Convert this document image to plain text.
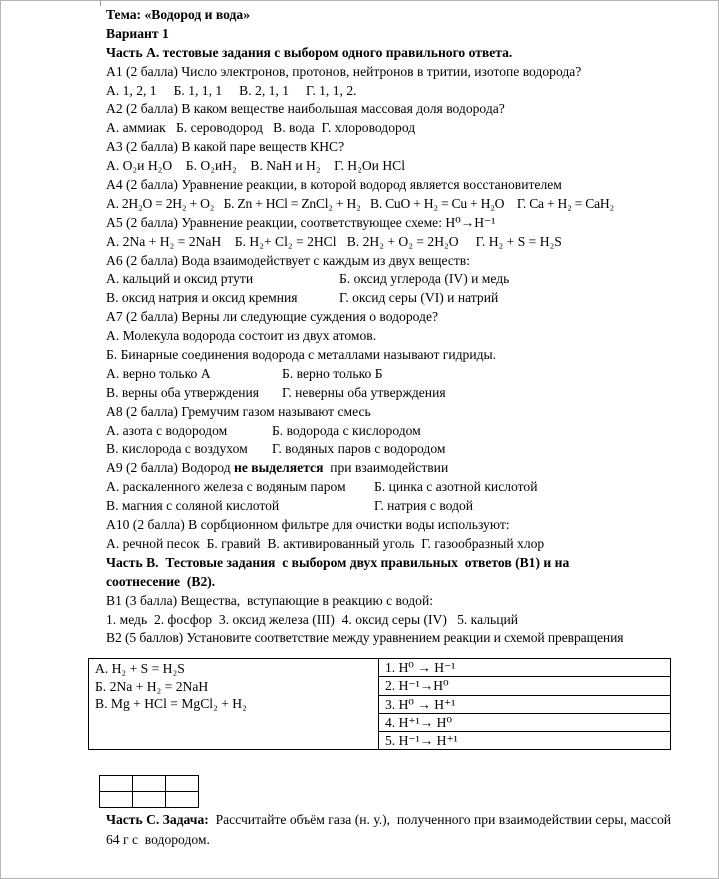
Тема: «Водород и вода»
Вариант 1
Часть А. тестовые задания с выбором одного правильного ответа.
А1 (2 балла) Число электронов, протонов, нейтронов в тритии, изотопе водорода?
А. 1, 2, 1     Б. 1, 1, 1     В. 2, 1, 1     Г. 1, 1, 2.
А2 (2 балла) В каком веществе наибольшая массовая доля водорода?
А. аммиак   Б. сероводород   В. вода  Г. хлороводород
А3 (2 балла) В какой паре веществ КНС?
А. O₂и H₂O    Б. O₂иH₂    В. NaH и H₂    Г. H₂Oи HCl
А4 (2 балла) Уравнение реакции, в которой водород является восстановителем
А. 2H₂O = 2H₂ + O₂   Б. Zn + HCl = ZnCl₂ + H₂   В. CuO + H₂ = Cu + H₂O    Г. Ca + H₂ = CaH₂
А5 (2 балла) Уравнение реакции, соответствующее схеме: H⁰→H⁻¹
А. 2Na + H₂ = 2NaH    Б. H₂+ Cl₂ = 2HCl   В. 2H₂ + O₂ = 2H₂O     Г. H₂ + S = H₂S
А6 (2 балла) Вода взаимодействует с каждым из двух веществ:
А. кальций и оксид ртути	Б. оксид углерода (IV) и медь
В. оксид натрия и оксид кремния	Г. оксид серы (VI) и натрий
А7 (2 балла) Верны ли следующие суждения о водороде?
А. Молекула водорода состоит из двух атомов.
Б. Бинарные соединения водорода с металлами называют гидриды.
А. верно только А	Б. верно только Б
В. верны оба утверждения Г. неверны оба утверждения
А8 (2 балла) Гремучим газом называют смесь
А. азота с водородом	Б. водорода с кислородом
В. кислорода с воздухом Г. водяных паров с водородом
А9 (2 балла) Водород не выделяется  при взаимодействии
А. раскаленного железа с водяным паром Б. цинка с азотной кислотой
В. магния с соляной кислотой	Г. натрия с водой
А10 (2 балла) В сорбционном фильтре для очистки воды используют:
А. речной песок  Б. гравий  В. активированный уголь  Г. газообразный хлор
Часть В.  Тестовые задания  с выбором двух правильных  ответов (В1) и на
соотнесение  (В2).
В1 (3 балла) Вещества,  вступающие в реакцию с водой:
1. медь  2. фосфор  3. оксид железа (III)  4. оксид серы (IV)   5. кальций
В2 (5 баллов) Установите соответствие между уравнением реакции и схемой превращения
А. H₂ + S = H₂S
Б. 2Na + H₂ = 2NaH
В. Mg + HCl = MgCl₂ + H₂

1. H⁰ → H⁻¹
2. H⁻¹→H⁰
3. H⁰ → H⁺¹
4. H⁺¹→ H⁰
5. H⁻¹→ H⁺¹

Часть С. Задача:  Рассчитайте объём газа (н. у.),  полученного при взаимодействии серы, массой  64 г с  водородом.
